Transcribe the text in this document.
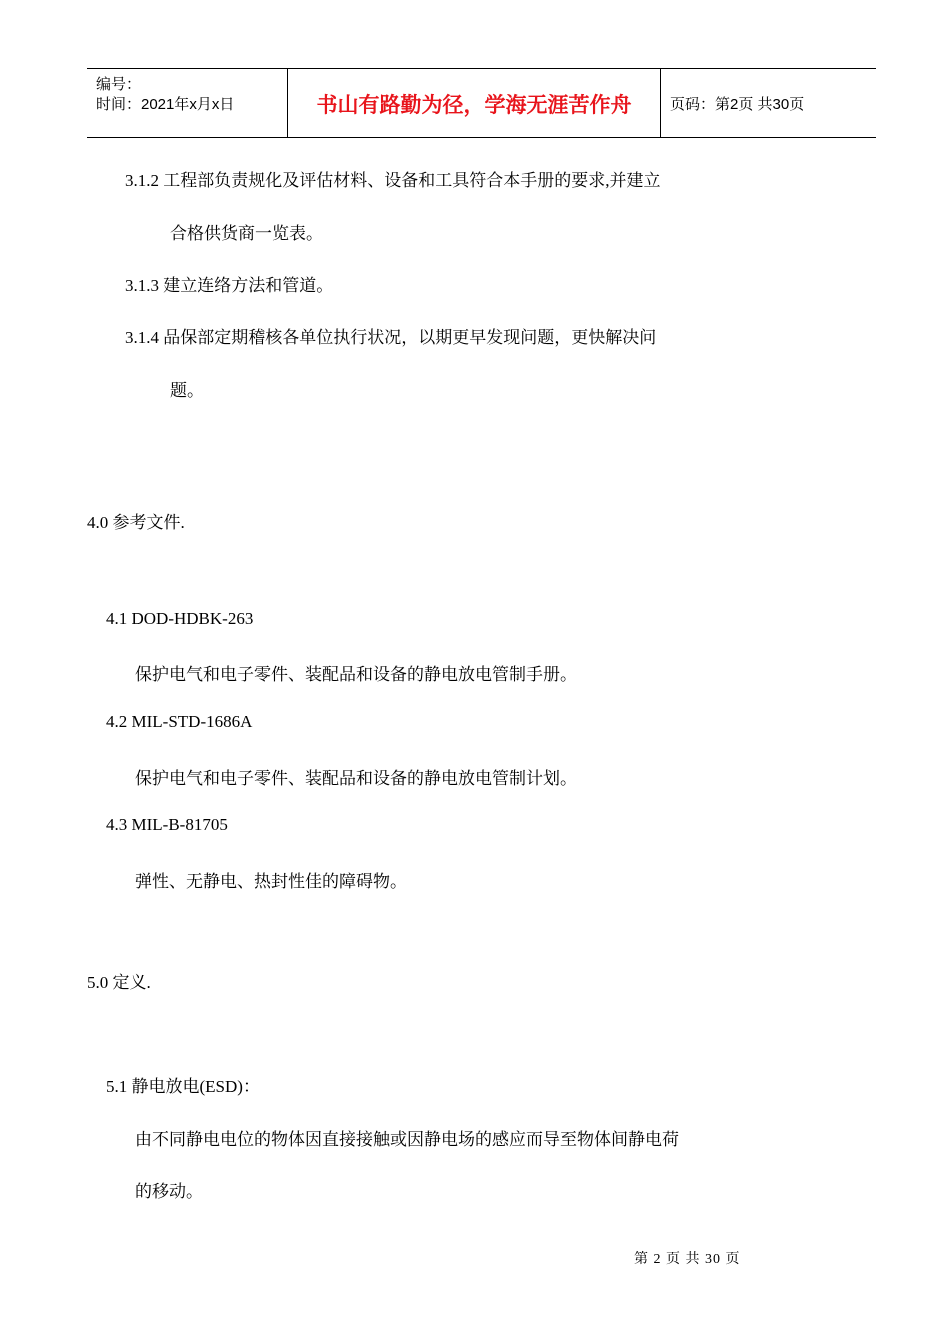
编号：
时间：2021年x月x日	书山有路勤为径，学海无涯苦作舟	页码：第2页 共30页
3.1.2 工程部负责规化及评估材料、设备和工具符合本手册的要求,并建立
合格供货商一览表。
3.1.3 建立连络方法和管道。
3.1.4 品保部定期稽核各单位执行状况，以期更早发现问题，更快解决问
题。
4.0 参考文件.
4.1 DOD-HDBK-263
保护电气和电子零件、装配品和设备的静电放电管制手册。
4.2 MIL-STD-1686A
保护电气和电子零件、装配品和设备的静电放电管制计划。
4.3 MIL-B-81705
弹性、无静电、热封性佳的障碍物。
5.0 定义.
5.1 静电放电(ESD)：
由不同静电电位的物体因直接接触或因静电场的感应而导至物体间静电荷
的移动。
第 2 页 共 30 页
